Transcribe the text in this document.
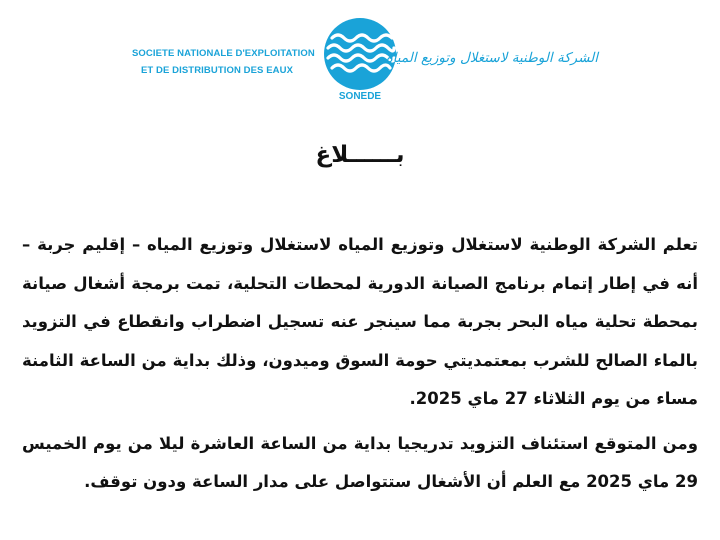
SOCIETE NATIONALE D'EXPLOITATION
ET DE DISTRIBUTION DES EAUX
SONEDE
الشركة الوطنية لاستغلال وتوزيع المياه
بــــــلاغ
تعلم الشركة الوطنية لاستغلال وتوزيع المياه لاستغلال وتوزيع المياه – إقليم جربة –
أنه في إطار إتمام برنامج الصيانة الدورية لمحطات التحلية، تمت برمجة أشغال صيانة
بمحطة تحلية مياه البحر بجربة مما سينجر عنه تسجيل اضطراب وانقطاع في التزويد
بالماء الصالح للشرب بمعتمديتي حومة السوق وميدون، وذلك بداية من الساعة الثامنة
مساء من يوم الثلاثاء 27 ماي 2025.
ومن المتوقع استئناف التزويد تدريجيا بداية من الساعة العاشرة ليلا من يوم الخميس
29 ماي 2025 مع العلم أن الأشغال ستتواصل على مدار الساعة ودون توقف.
